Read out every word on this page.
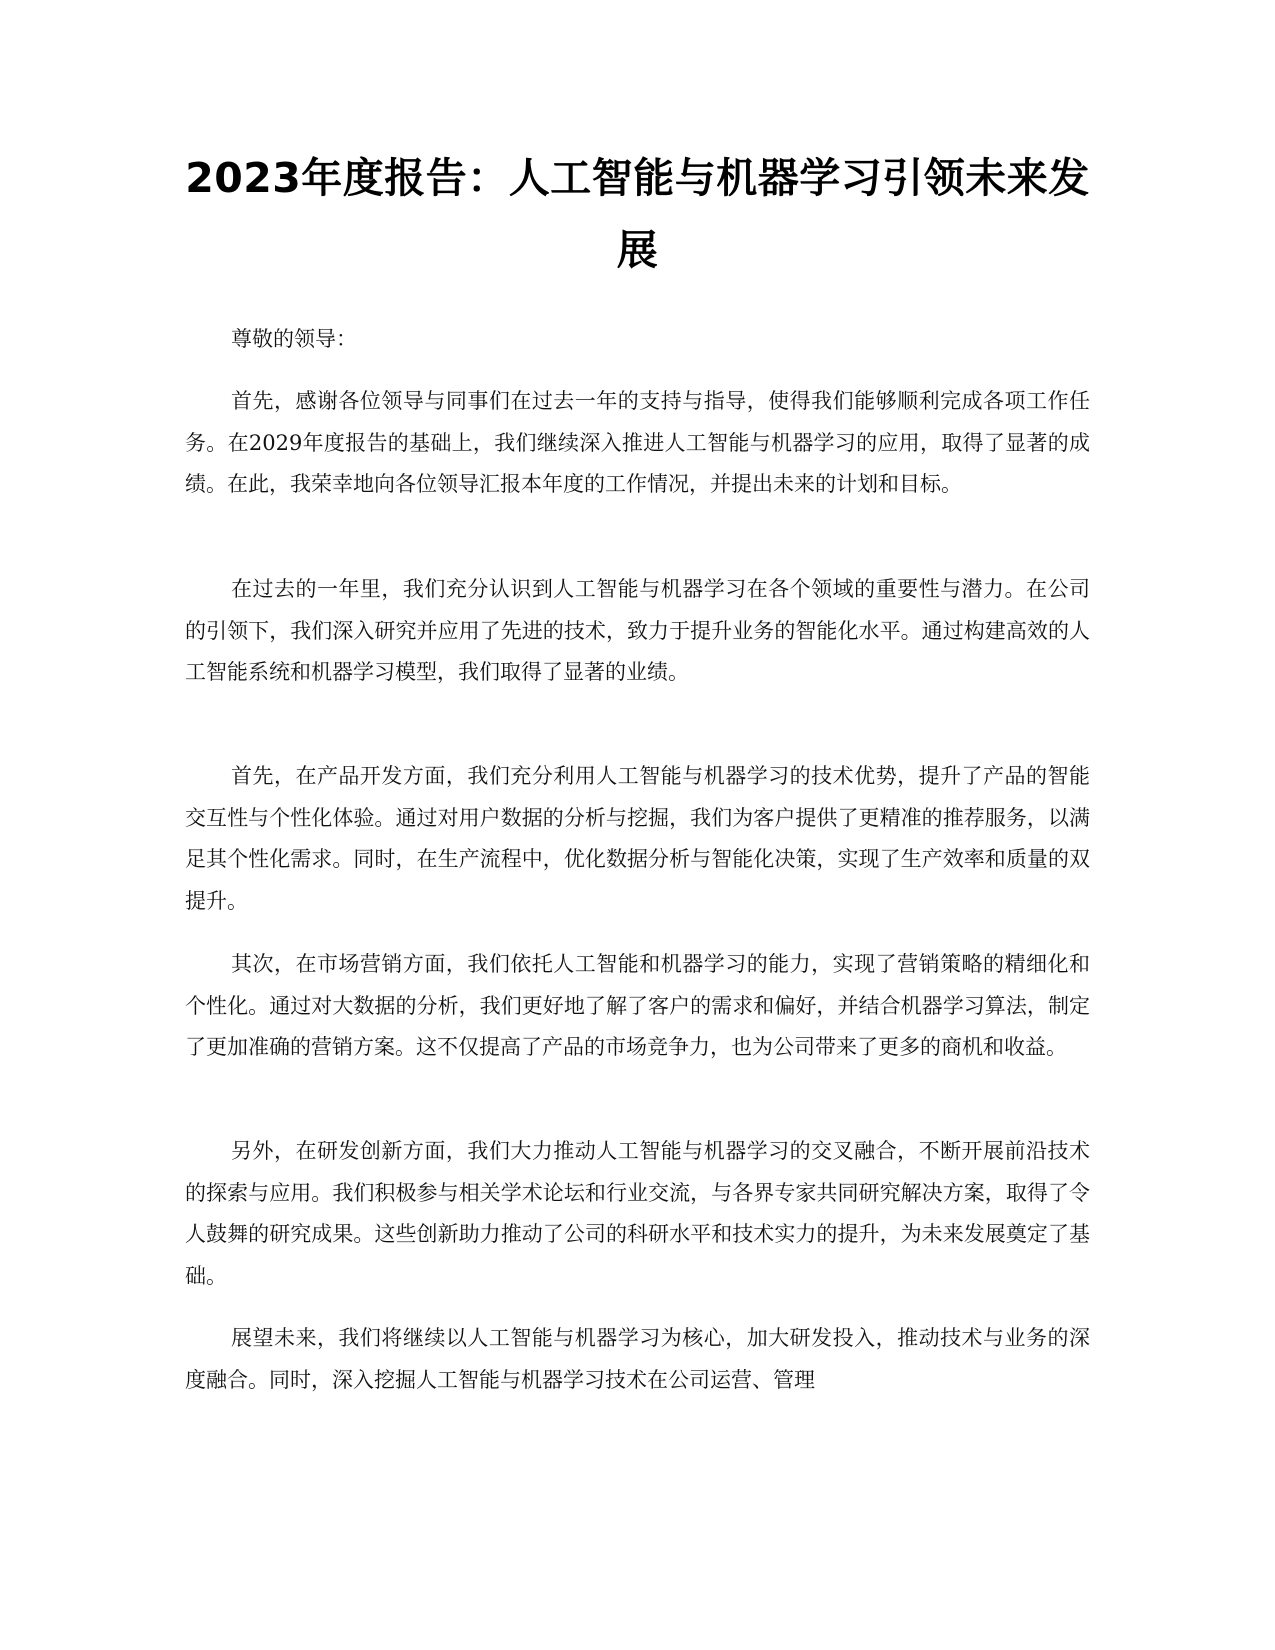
2023年度报告：人工智能与机器学习引领未来发展

尊敬的领导：

首先，感谢各位领导与同事们在过去一年的支持与指导，使得我们能够顺利完成各项工作任务。在2029年度报告的基础上，我们继续深入推进人工智能与机器学习的应用，取得了显著的成绩。在此，我荣幸地向各位领导汇报本年度的工作情况，并提出未来的计划和目标。

在过去的一年里，我们充分认识到人工智能与机器学习在各个领域的重要性与潜力。在公司的引领下，我们深入研究并应用了先进的技术，致力于提升业务的智能化水平。通过构建高效的人工智能系统和机器学习模型，我们取得了显著的业绩。

首先，在产品开发方面，我们充分利用人工智能与机器学习的技术优势，提升了产品的智能交互性与个性化体验。通过对用户数据的分析与挖掘，我们为客户提供了更精准的推荐服务，以满足其个性化需求。同时，在生产流程中，优化数据分析与智能化决策，实现了生产效率和质量的双提升。

其次，在市场营销方面，我们依托人工智能和机器学习的能力，实现了营销策略的精细化和个性化。通过对大数据的分析，我们更好地了解了客户的需求和偏好，并结合机器学习算法，制定了更加准确的营销方案。这不仅提高了产品的市场竞争力，也为公司带来了更多的商机和收益。

另外，在研发创新方面，我们大力推动人工智能与机器学习的交叉融合，不断开展前沿技术的探索与应用。我们积极参与相关学术论坛和行业交流，与各界专家共同研究解决方案，取得了令人鼓舞的研究成果。这些创新助力推动了公司的科研水平和技术实力的提升，为未来发展奠定了基础。

展望未来，我们将继续以人工智能与机器学习为核心，加大研发投入，推动技术与业务的深度融合。同时，深入挖掘人工智能与机器学习技术在公司运营、管理
